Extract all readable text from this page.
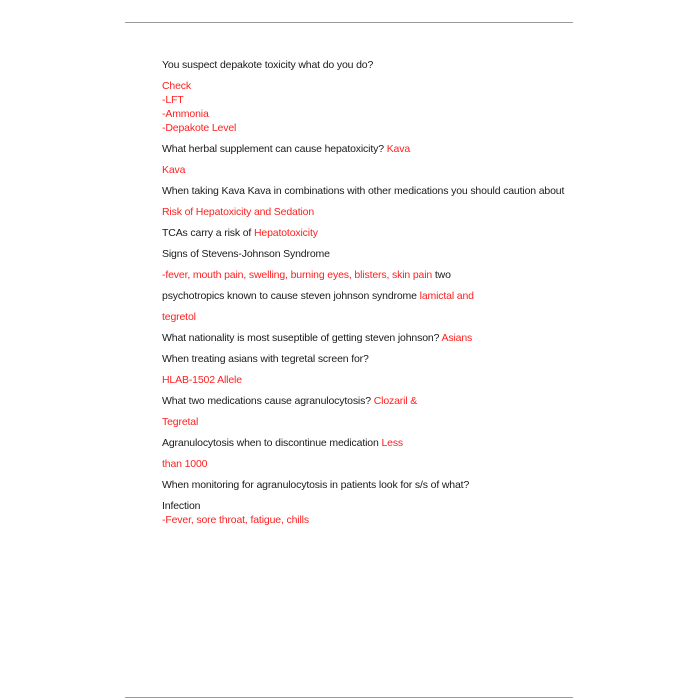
You suspect depakote toxicity what do you do?
Check
-LFT
-Ammonia
-Depakote Level
What herbal supplement can cause hepatoxicity? Kava
Kava
When taking Kava Kava in combinations with other medications you should caution about
Risk of Hepatoxicity and Sedation
TCAs carry a risk of Hepatotoxicity
Signs of Stevens-Johnson Syndrome
-fever, mouth pain, swelling, burning eyes, blisters, skin pain two
psychotropics known to cause steven johnson syndrome lamictal and
tegretol
What nationality is most suseptible of getting steven johnson? Asians
When treating asians with tegretal screen for?
HLAB-1502 Allele
What two medications cause agranulocytosis? Clozaril &
Tegretal
Agranulocytosis when to discontinue medication Less
than 1000
When monitoring for agranulocytosis in patients look for s/s of what?
Infection
-Fever, sore throat, fatigue, chills
